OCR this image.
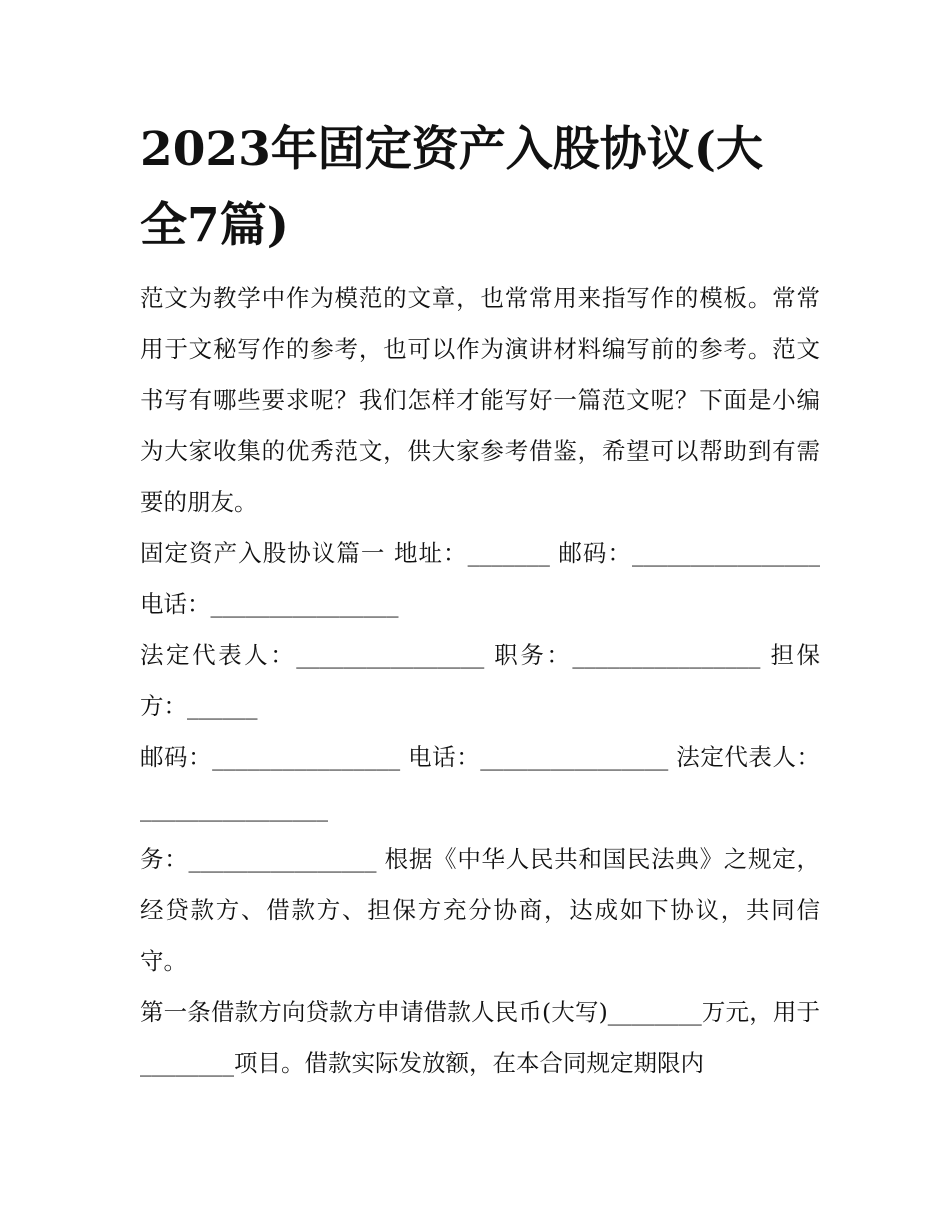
2023年固定资产入股协议(大全7篇)

范文为教学中作为模范的文章，也常常用来指写作的模板。常常用于文秘写作的参考，也可以作为演讲材料编写前的参考。范文书写有哪些要求呢？我们怎样才能写好一篇范文呢？下面是小编为大家收集的优秀范文，供大家参考借鉴，希望可以帮助到有需要的朋友。

固定资产入股协议篇一 地址：_______ 邮码：________________ 电话：________________

法定代表人：________________ 职务：________________ 担保方：______

邮码：________________ 电话：________________ 法定代表人：________________

务：________________ 根据《中华人民共和国民法典》之规定，经贷款方、借款方、担保方充分协商，达成如下协议，共同信守。

第一条借款方向贷款方申请借款人民币(大写)________万元，用于________项目。借款实际发放额，在本合同规定期限内
